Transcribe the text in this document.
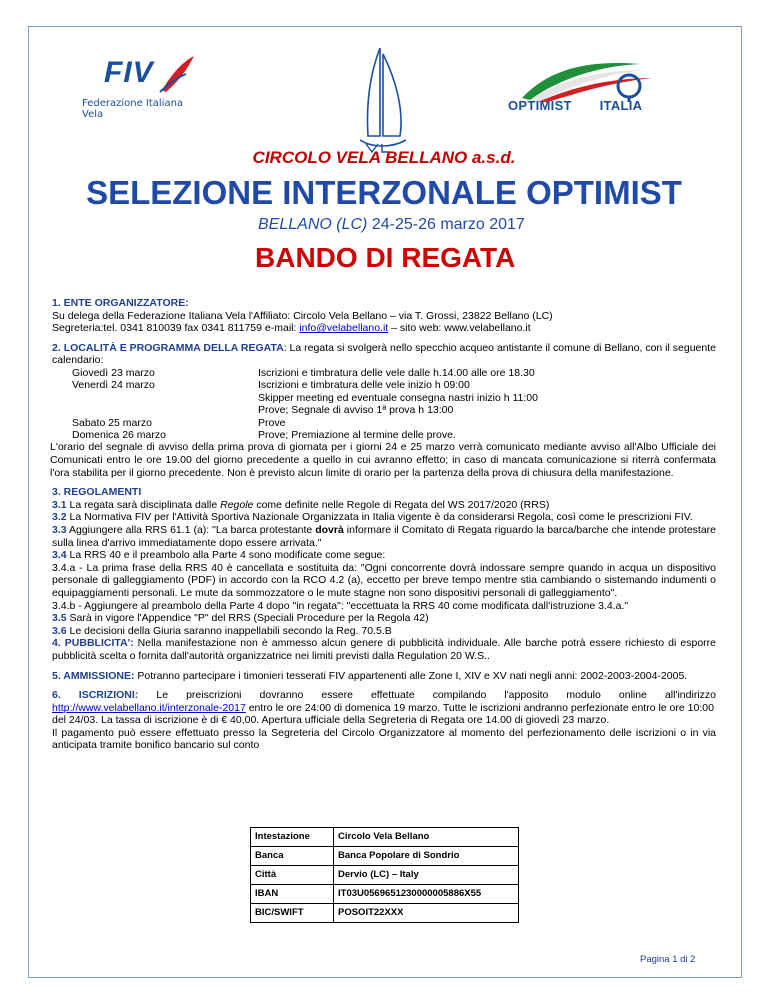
FIV
Federazione Italiana Vela
OPTIMIST ITALIA
CIRCOLO VELA BELLANO a.s.d.
SELEZIONE INTERZONALE OPTIMIST
BELLANO (LC) 24-25-26 marzo 2017
BANDO DI REGATA

1. ENTE ORGANIZZATORE:

Su delega della Federazione Italiana Vela l'Affiliato: Circolo Vela Bellano – via T. Grossi, 23822 Bellano (LC)

Segreteria:tel. 0341 810039 fax 0341 811759 e-mail: info@velabellano.it – sito web: www.velabellano.it

2. LOCALITÀ E PROGRAMMA DELLA REGATA: La regata si svolgerà nello specchio acqueo antistante il comune di Bellano, con il seguente calendario:

Giovedì 23 marzo	Iscrizioni e timbratura delle vele dalle h.14.00 alle ore 18.30
Venerdì 24 marzo	Iscrizioni e timbratura delle vele inizio h 09:00
Skipper meeting ed eventuale consegna nastri inizio h 11:00
Prove; Segnale di avviso 1ª prova h 13:00
Sabato 25 marzo	Prove
Domenica 26 marzo	Prove; Premiazione al termine delle prove.

L'orario del segnale di avviso della prima prova di giornata per i giorni 24 e 25 marzo verrà comunicato mediante avviso all'Albo Ufficiale dei Comunicati entro le ore 19.00 del giorno precedente a quello in cui avranno effetto; in caso di mancata comunicazione si riterrà confermata l'ora stabilita per il giorno precedente. Non è previsto alcun limite di orario per la partenza della prova di chiusura della manifestazione.

3. REGOLAMENTI

3.1 La regata sarà disciplinata dalle Regole come definite nelle Regole di Regata del WS 2017/2020 (RRS)

3.2 La Normativa FIV per l'Attività Sportiva Nazionale Organizzata in Italia vigente è da considerarsi Regola, così come le prescrizioni FIV.

3.3 Aggiungere alla RRS 61.1 (a): "La barca protestante dovrà informare il Comitato di Regata riguardo la barca/barche che intende protestare sulla linea d'arrivo immediatamente dopo essere arrivata."

3.4 La RRS 40 e il preambolo alla Parte 4 sono modificate come segue:

3.4.a - La prima frase della RRS 40 è cancellata e sostituita da: "Ogni concorrente dovrà indossare sempre quando in acqua un dispositivo personale di galleggiamento (PDF) in accordo con la RCO 4.2 (a), eccetto per breve tempo mentre stia cambiando o sistemando indumenti o equipaggiamenti personali. Le mute da sommozzatore o le mute stagne non sono dispositivi personali di galleggiamento".

3.4.b - Aggiungere al preambolo della Parte 4 dopo "in regata": "eccettuata la RRS 40 come modificata dall'istruzione 3.4.a."

3.5 Sarà in vigore l'Appendice "P" del RRS (Speciali Procedure per la Regola 42)

3.6 Le decisioni della Giuria saranno inappellabili secondo la Reg. 70.5.B

4. PUBBLICITA': Nella manifestazione non è ammesso alcun genere di pubblicità individuale. Alle barche potrà essere richiesto di esporre pubblicità scelta o fornita dall'autorità organizzatrice nei limiti previsti dalla Regulation 20 W.S..

5. AMMISSIONE: Potranno partecipare i timonieri tesserati FIV appartenenti alle Zone I, XIV e XV nati negli anni: 2002-2003-2004-2005.

6. ISCRIZIONI: Le preiscrizioni dovranno essere effettuate compilando l'apposito modulo online all'indirizzo

http://www.velabellano.it/interzonale-2017 entro le ore 24:00 di domenica 19 marzo. Tutte le iscrizioni andranno perfezionate entro le ore 10:00 del 24/03. La tassa di iscrizione è di € 40,00. Apertura ufficiale della Segreteria di Regata ore 14.00 di giovedì 23 marzo.

Il pagamento può essere effettuato presso la Segreteria del Circolo Organizzatore al momento del perfezionamento delle iscrizioni o in via anticipata tramite bonifico bancario sul conto

Intestazione	Circolo Vela Bellano
Banca	Banca Popolare di Sondrio
Città	Dervio (LC) – Italy
IBAN	IT03U0569651230000005886X55
BIC/SWIFT	POSOIT22XXX
Pagina 1 di 2
